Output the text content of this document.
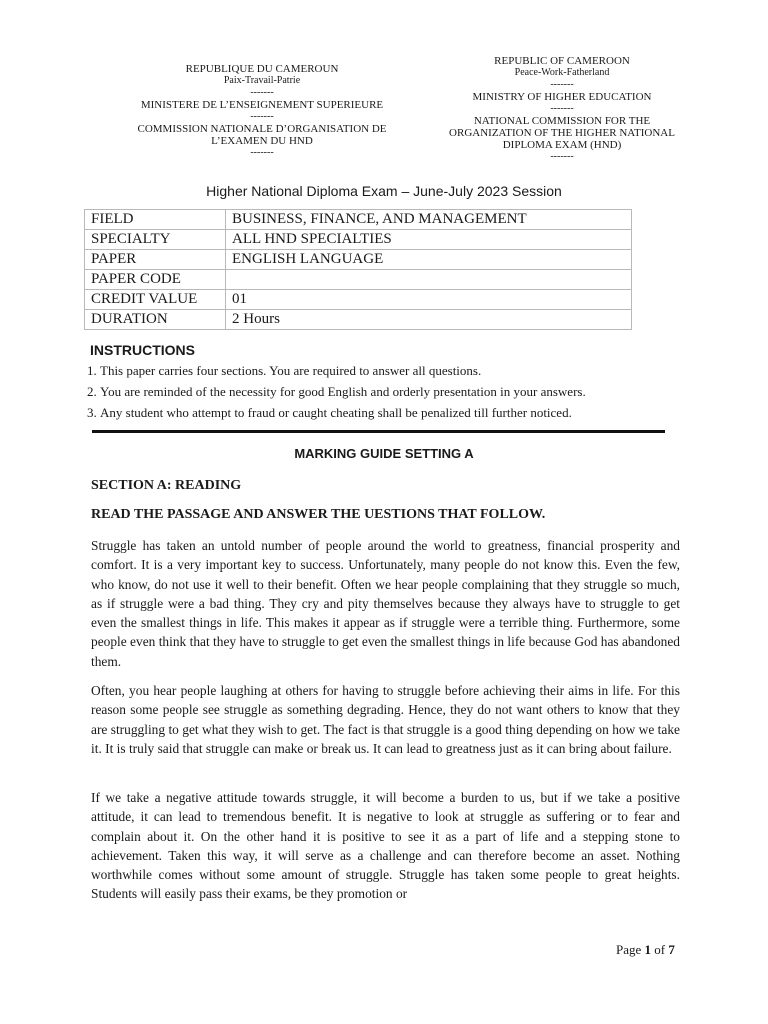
REPUBLIQUE DU CAMEROUN
Paix-Travail-Patrie
-------
MINISTERE DE L’ENSEIGNEMENT SUPERIEURE
-------
COMMISSION NATIONALE D’ORGANISATION DE
L’EXAMEN DU HND
-------
REPUBLIC OF CAMEROON
Peace-Work-Fatherland
-------
MINISTRY OF HIGHER EDUCATION
-------
NATIONAL COMMISSION FOR THE
ORGANIZATION OF THE HIGHER NATIONAL
DIPLOMA EXAM (HND)
-------
Higher National Diploma Exam – June-July 2023 Session
FIELD	BUSINESS, FINANCE, AND MANAGEMENT
SPECIALTY	ALL HND SPECIALTIES
PAPER	ENGLISH LANGUAGE
PAPER CODE	
CREDIT VALUE	01
DURATION	2 Hours
INSTRUCTIONS
1. This paper carries four sections. You are required to answer all questions.
2. You are reminded of the necessity for good English and orderly presentation in your answers.
3. Any student who attempt to fraud or caught cheating shall be penalized till further noticed.
MARKING GUIDE SETTING A
SECTION A: READING
READ THE PASSAGE AND ANSWER THE UESTIONS THAT FOLLOW.

Struggle has taken an untold number of people around the world to greatness, financial prosperity and comfort. It is a very important key to success. Unfortunately, many people do not know this. Even the few, who know, do not use it well to their benefit. Often we hear people complaining that they struggle so much, as if struggle were a bad thing. They cry and pity themselves because they always have to struggle to get even the smallest things in life. This makes it appear as if struggle were a terrible thing. Furthermore, some people even think that they have to struggle to get even the smallest things in life because God has abandoned them.

Often, you hear people laughing at others for having to struggle before achieving their aims in life. For this reason some people see struggle as something degrading. Hence, they do not want others to know that they are struggling to get what they wish to get. The fact is that struggle is a good thing depending on how we take it. It is truly said that struggle can make or break us. It can lead to greatness just as it can bring about failure.

If we take a negative attitude towards struggle, it will become a burden to us, but if we take a positive attitude, it can lead to tremendous benefit. It is negative to look at struggle as suffering or to fear and complain about it. On the other hand it is positive to see it as a part of life and a stepping stone to achievement. Taken this way, it will serve as a challenge and can therefore become an asset. Nothing worthwhile comes without some amount of struggle. Struggle has taken some people to great heights. Students will easily pass their exams, be they promotion or

Page 1 of 7
